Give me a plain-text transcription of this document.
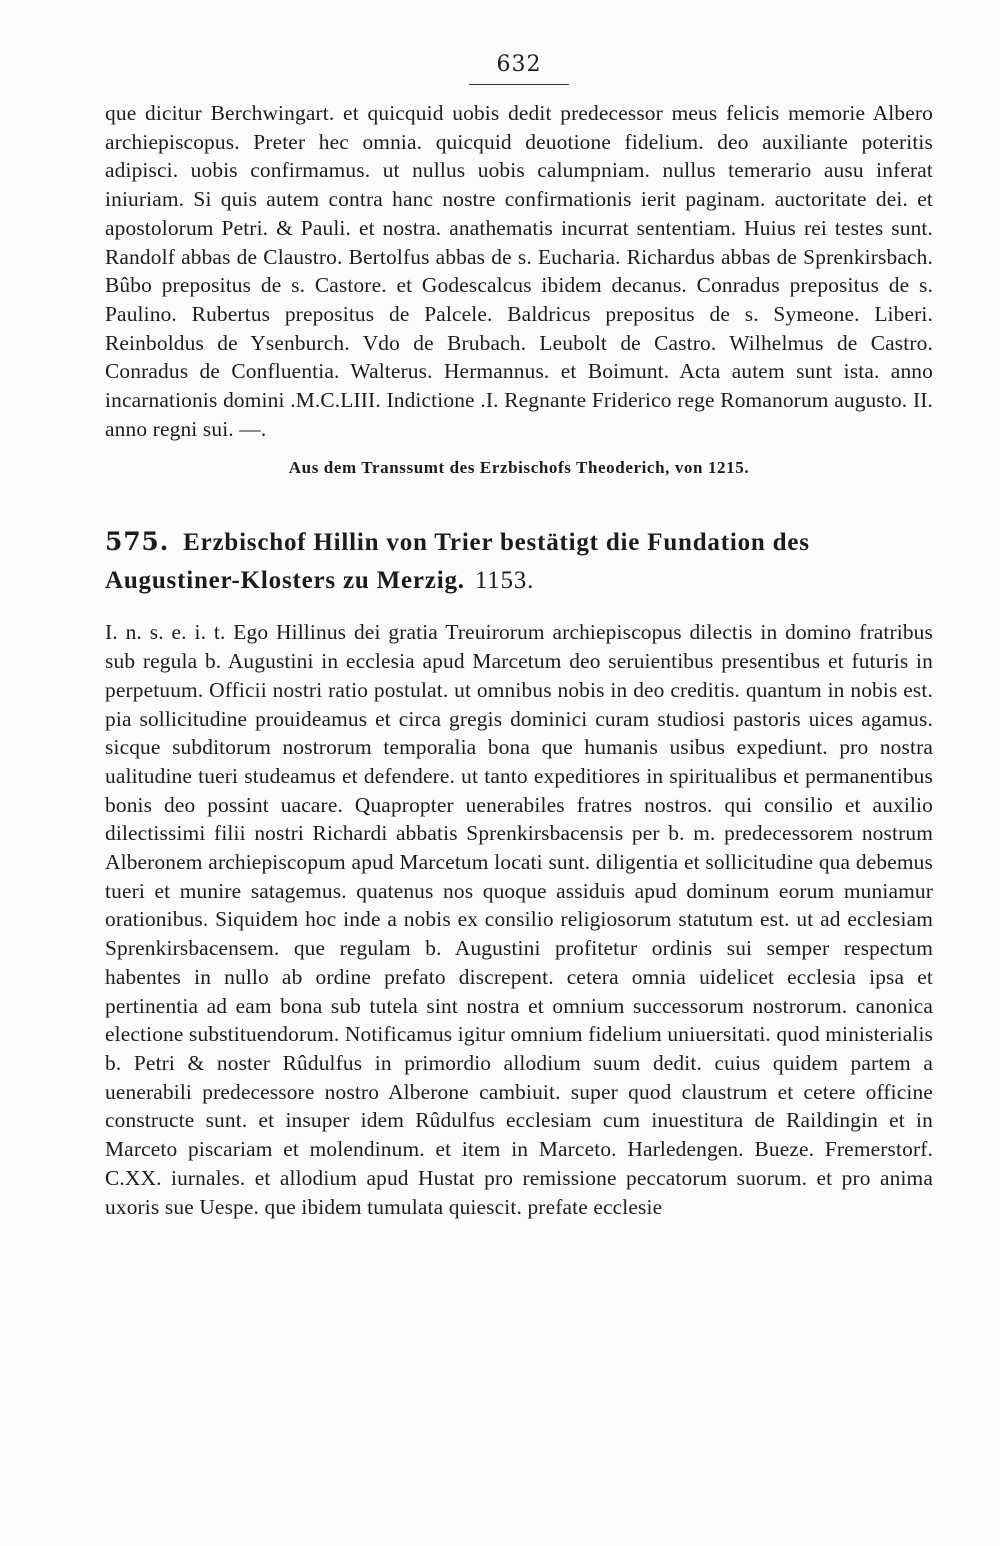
632

que dicitur Berchwingart. et quicquid uobis dedit predecessor meus felicis memorie Albero archiepiscopus. Preter hec omnia. quicquid deuotione fidelium. deo auxiliante poteritis adipisci. uobis confirmamus. ut nullus uobis calumpniam. nullus temerario ausu inferat iniuriam. Si quis autem contra hanc nostre confirmationis ierit paginam. auctoritate dei. et apostolorum Petri. & Pauli. et nostra. anathematis incurrat sententiam. Huius rei testes sunt. Randolf abbas de Claustro. Bertolfus abbas de s. Eucharia. Richardus abbas de Sprenkirsbach. Bûbo prepositus de s. Castore. et Godescalcus ibidem decanus. Conradus prepositus de s. Paulino. Rubertus prepositus de Palcele. Baldricus prepositus de s. Symeone. Liberi. Reinboldus de Ysenburch. Vdo de Brubach. Leubolt de Castro. Wilhelmus de Castro. Conradus de Confluentia. Walterus. Hermannus. et Boimunt. Acta autem sunt ista. anno incarnationis domini .M.C.LIII. Indictione .I. Regnante Friderico rege Romanorum augusto. II. anno regni sui. —.

Aus dem Transsumt des Erzbischofs Theoderich, von 1215.

575. Erzbischof Hillin von Trier bestätigt die Fundation des Augustiner-Klosters zu Merzig. 1153.

I. n. s. e. i. t. Ego Hillinus dei gratia Treuirorum archiepiscopus dilectis in domino fratribus sub regula b. Augustini in ecclesia apud Marcetum deo seruientibus presentibus et futuris in perpetuum. Officii nostri ratio postulat. ut omnibus nobis in deo creditis. quantum in nobis est. pia sollicitudine prouideamus et circa gregis dominici curam studiosi pastoris uices agamus. sicque subditorum nostrorum temporalia bona que humanis usibus expediunt. pro nostra ualitudine tueri studeamus et defendere. ut tanto expeditiores in spiritualibus et permanentibus bonis deo possint uacare. Quapropter uenerabiles fratres nostros. qui consilio et auxilio dilectissimi filii nostri Richardi abbatis Sprenkirsbacensis per b. m. predecessorem nostrum Alberonem archiepiscopum apud Marcetum locati sunt. diligentia et sollicitudine qua debemus tueri et munire satagemus. quatenus nos quoque assiduis apud dominum eorum muniamur orationibus. Siquidem hoc inde a nobis ex consilio religiosorum statutum est. ut ad ecclesiam Sprenkirsbacensem. que regulam b. Augustini profitetur ordinis sui semper respectum habentes in nullo ab ordine prefato discrepent. cetera omnia uidelicet ecclesia ipsa et pertinentia ad eam bona sub tutela sint nostra et omnium successorum nostrorum. canonica electione substituendorum. Notificamus igitur omnium fidelium uniuersitati. quod ministerialis b. Petri & noster Rûdulfus in primordio allodium suum dedit. cuius quidem partem a uenerabili predecessore nostro Alberone cambiuit. super quod claustrum et cetere officine constructe sunt. et insuper idem Rûdulfus ecclesiam cum inuestitura de Raildingin et in Marceto piscariam et molendinum. et item in Marceto. Harledengen. Bueze. Fremerstorf. C.XX. iurnales. et allodium apud Hustat pro remissione peccatorum suorum. et pro anima uxoris sue Uespe. que ibidem tumulata quiescit. prefate ecclesie
